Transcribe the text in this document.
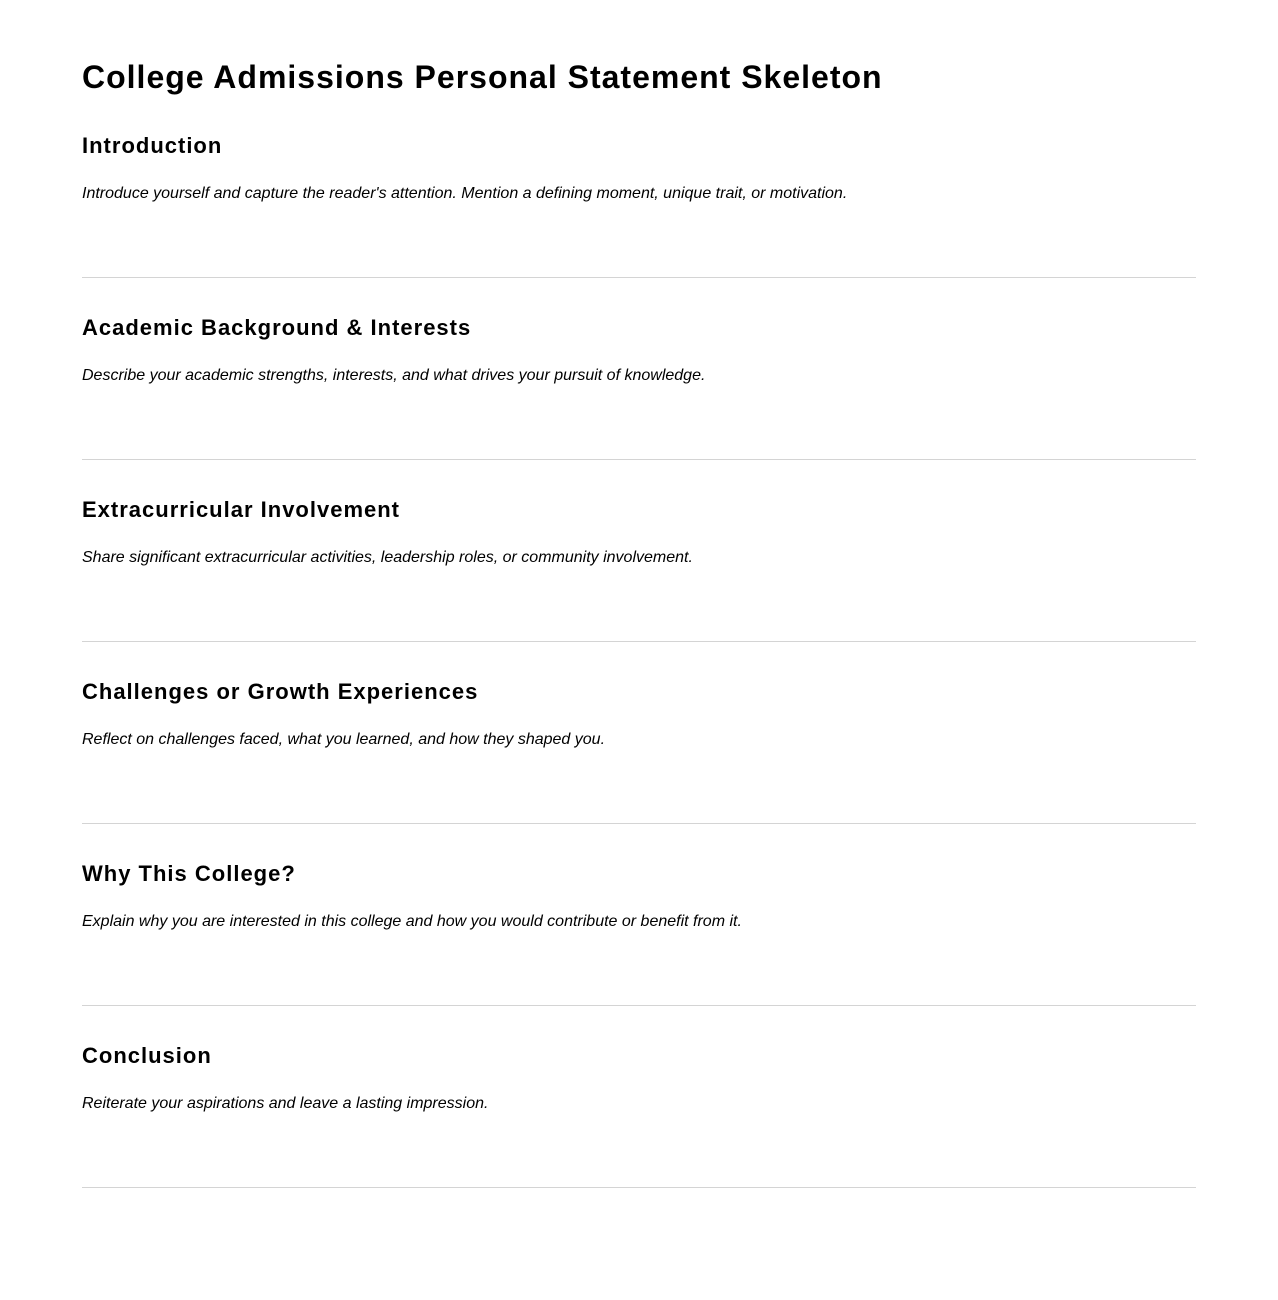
College Admissions Personal Statement Skeleton
Introduction

Introduce yourself and capture the reader's attention. Mention a defining moment, unique trait, or motivation.

Academic Background & Interests

Describe your academic strengths, interests, and what drives your pursuit of knowledge.

Extracurricular Involvement

Share significant extracurricular activities, leadership roles, or community involvement.

Challenges or Growth Experiences

Reflect on challenges faced, what you learned, and how they shaped you.

Why This College?

Explain why you are interested in this college and how you would contribute or benefit from it.

Conclusion

Reiterate your aspirations and leave a lasting impression.
